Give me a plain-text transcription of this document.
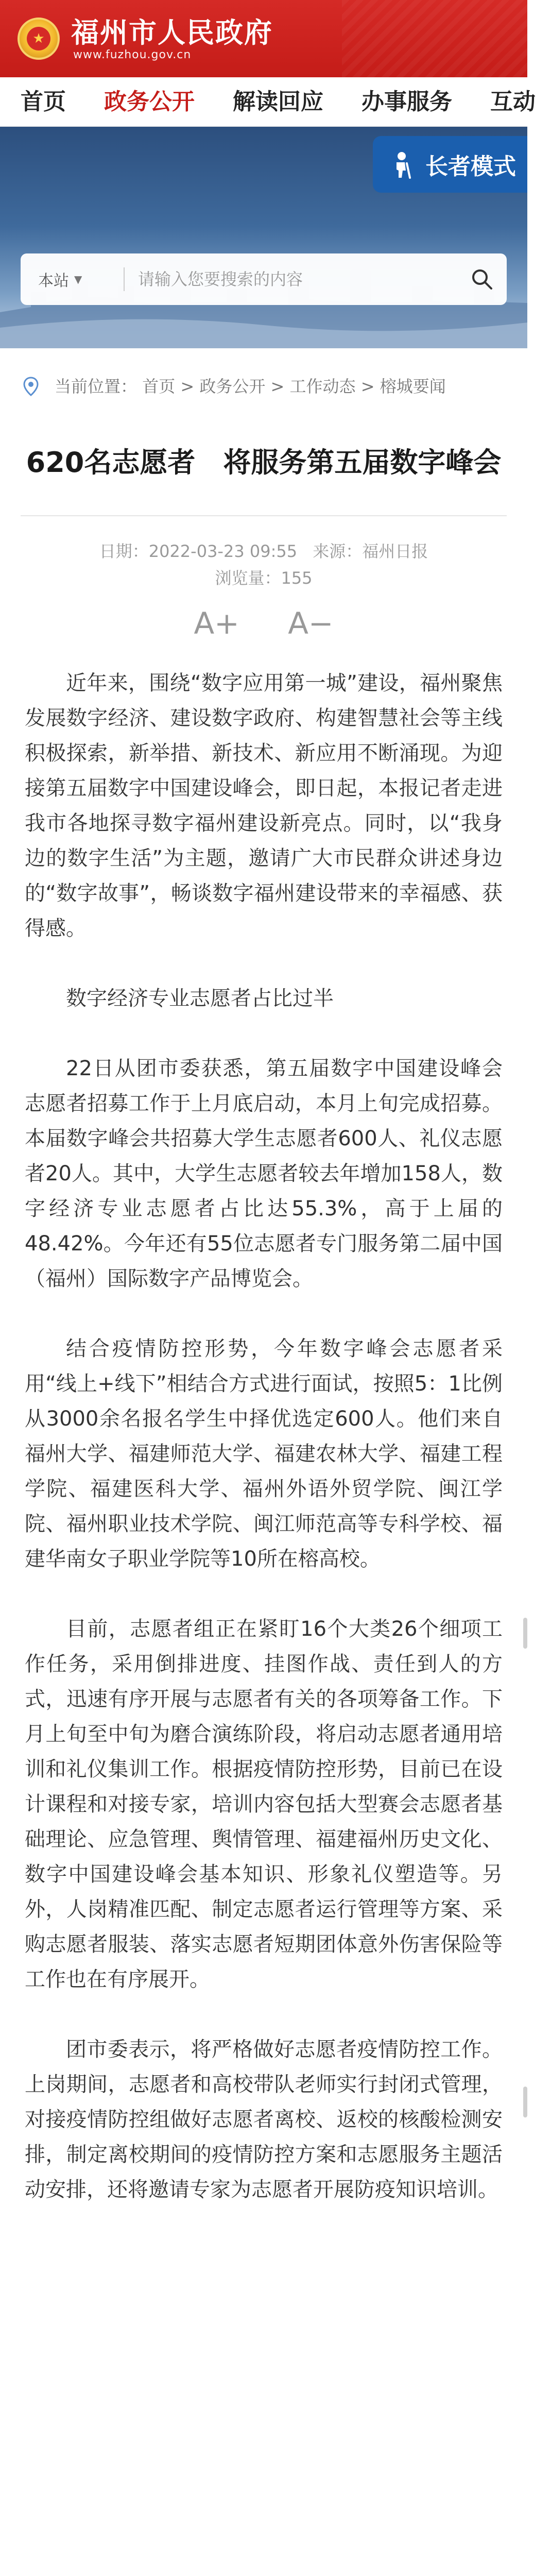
★ 福州市人民政府
www.fuzhou.gov.cn
首页	政务公开	解读回应	办事服务	互动
长者模式
本站 ▼
请输入您要搜索的内容
当前位置： 首页 > 政务公开 > 工作动态 > 榕城要闻
620名志愿者　将服务第五届数字峰会
日期：2022-03-23 09:55 来源：福州日报
浏览量：155
A+ A−

近年来，围绕“数字应用第一城”建设，福州聚焦发展数字经济、建设数字政府、构建智慧社会等主线积极探索，新举措、新技术、新应用不断涌现。为迎接第五届数字中国建设峰会，即日起，本报记者走进我市各地探寻数字福州建设新亮点。同时，以“我身边的数字生活”为主题，邀请广大市民群众讲述身边的“数字故事”，畅谈数字福州建设带来的幸福感、获得感。

数字经济专业志愿者占比过半

22日从团市委获悉，第五届数字中国建设峰会志愿者招募工作于上月底启动，本月上旬完成招募。本届数字峰会共招募大学生志愿者600人、礼仪志愿者20人。其中，大学生志愿者较去年增加158人，数字经济专业志愿者占比达55.3%，高于上届的48.42%。今年还有55位志愿者专门服务第二届中国（福州）国际数字产品博览会。

结合疫情防控形势，今年数字峰会志愿者采用“线上+线下”相结合方式进行面试，按照5：1比例从3000余名报名学生中择优选定600人。他们来自福州大学、福建师范大学、福建农林大学、福建工程学院、福建医科大学、福州外语外贸学院、闽江学院、福州职业技术学院、闽江师范高等专科学校、福建华南女子职业学院等10所在榕高校。

目前，志愿者组正在紧盯16个大类26个细项工作任务，采用倒排进度、挂图作战、责任到人的方式，迅速有序开展与志愿者有关的各项筹备工作。下月上旬至中旬为磨合演练阶段，将启动志愿者通用培训和礼仪集训工作。根据疫情防控形势，目前已在设计课程和对接专家，培训内容包括大型赛会志愿者基础理论、应急管理、舆情管理、福建福州历史文化、数字中国建设峰会基本知识、形象礼仪塑造等。另外，人岗精准匹配、制定志愿者运行管理等方案、采购志愿者服装、落实志愿者短期团体意外伤害保险等工作也在有序展开。

团市委表示，将严格做好志愿者疫情防控工作。上岗期间，志愿者和高校带队老师实行封闭式管理，对接疫情防控组做好志愿者离校、返校的核酸检测安排，制定离校期间的疫情防控方案和志愿服务主题活动安排，还将邀请专家为志愿者开展防疫知识培训。
